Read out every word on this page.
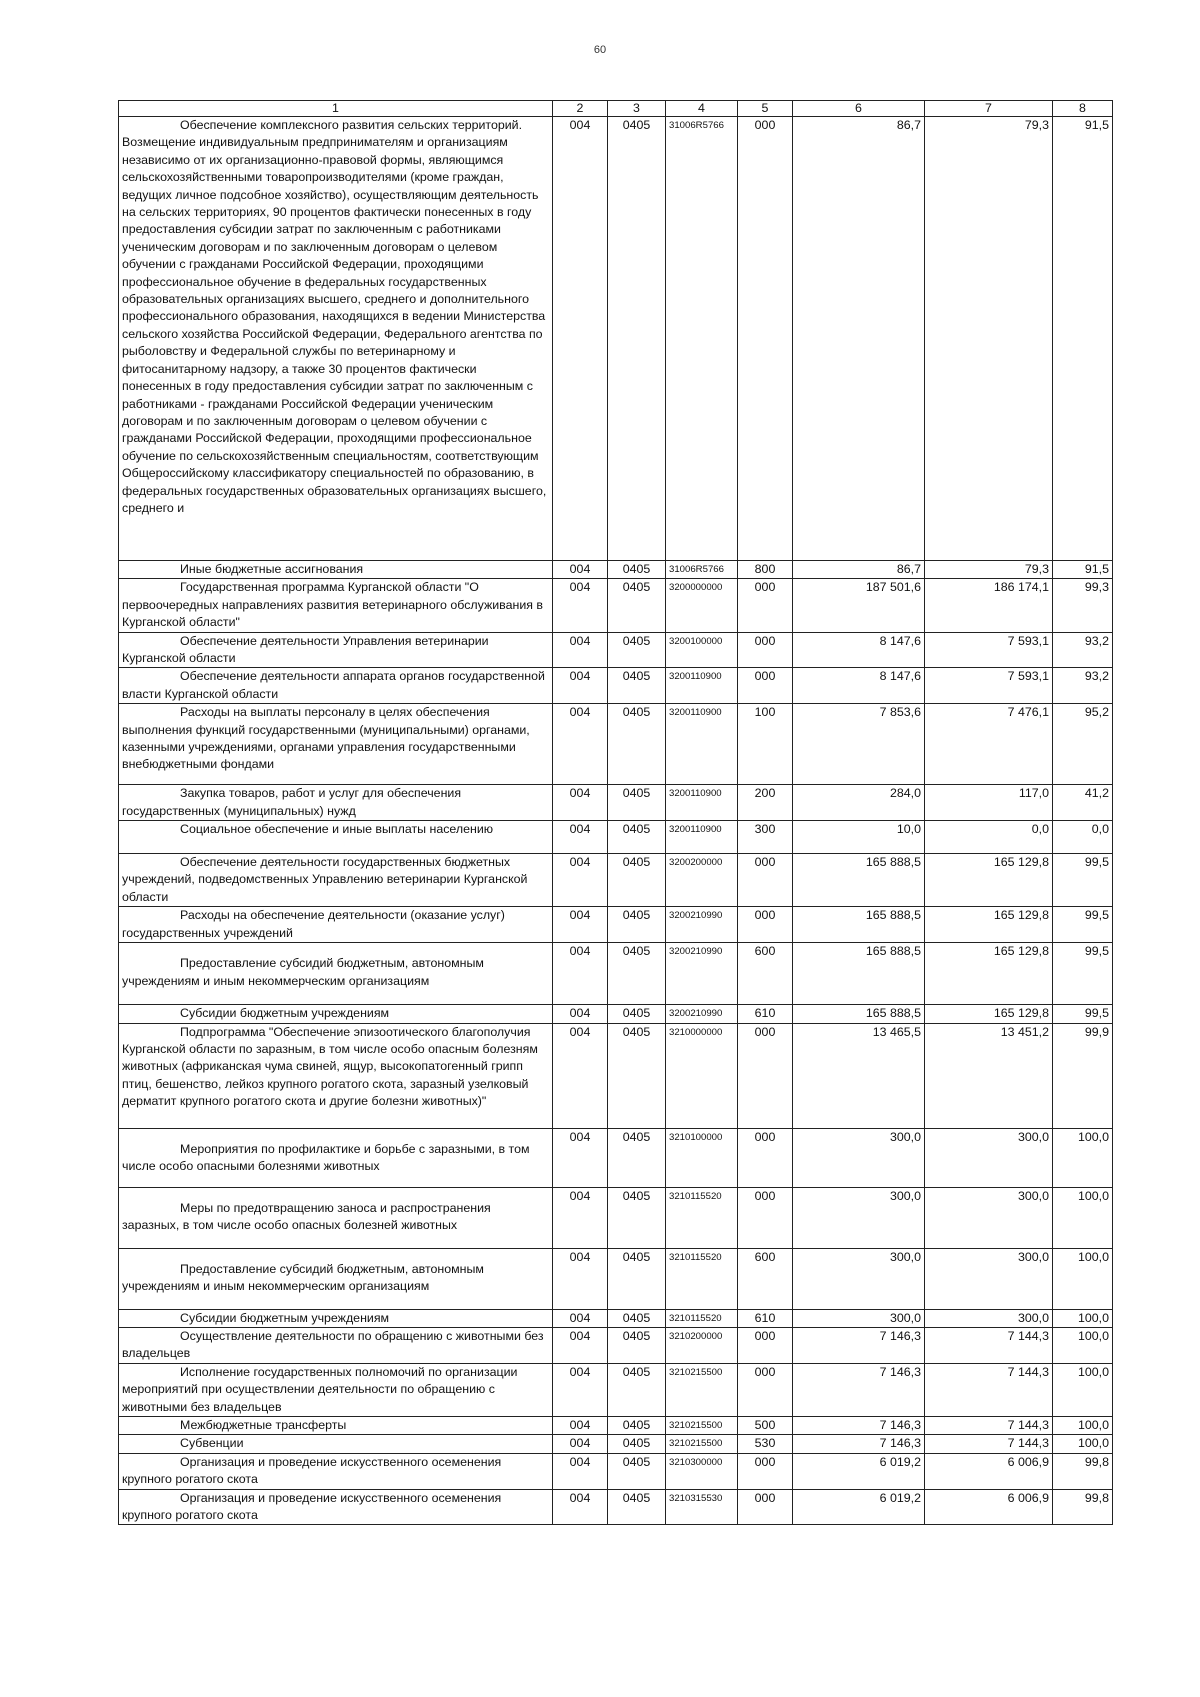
60
1	2	3	4	5	6	7	8
Обеспечение комплексного развития сельских территорий. Возмещение индивидуальным предпринимателям и организациям независимо от их организационно-правовой формы, являющимся сельскохозяйственными товаропроизводителями (кроме граждан, ведущих личное подсобное хозяйство), осуществляющим деятельность на сельских территориях, 90 процентов фактически понесенных в году предоставления субсидии затрат по заключенным с работниками ученическим договорам и по заключенным договорам о целевом обучении с гражданами Российской Федерации, проходящими профессиональное обучение в федеральных государственных образовательных организациях высшего, среднего и дополнительного профессионального образования, находящихся в ведении Министерства сельского хозяйства Российской Федерации, Федерального агентства по рыболовству и Федеральной службы по ветеринарному и фитосанитарному надзору, а также 30 процентов фактически понесенных в году предоставления субсидии затрат по заключенным с работниками - гражданами Российской Федерации ученическим договорам и по заключенным договорам о целевом обучении с гражданами Российской Федерации, проходящими профессиональное обучение по сельскохозяйственным специальностям, соответствующим Общероссийскому классификатору специальностей по образованию, в федеральных государственных образовательных организациях высшего, среднего и	004	0405	31006R5766	000	86,7	79,3	91,5
Иные бюджетные ассигнования	004	0405	31006R5766	800	86,7	79,3	91,5
Государственная программа Курганской области "О первоочередных направлениях развития ветеринарного обслуживания в Курганской области"	004	0405	3200000000	000	187 501,6	186 174,1	99,3
Обеспечение деятельности Управления ветеринарии Курганской области	004	0405	3200100000	000	8 147,6	7 593,1	93,2
Обеспечение деятельности аппарата органов государственной власти Курганской области	004	0405	3200110900	000	8 147,6	7 593,1	93,2
Расходы на выплаты персоналу в целях обеспечения выполнения функций государственными (муниципальными) органами, казенными учреждениями, органами управления государственными внебюджетными фондами	004	0405	3200110900	100	7 853,6	7 476,1	95,2
Закупка товаров, работ и услуг для обеспечения государственных (муниципальных) нужд	004	0405	3200110900	200	284,0	117,0	41,2
Социальное обеспечение и иные выплаты населению	004	0405	3200110900	300	10,0	0,0	0,0
Обеспечение деятельности государственных бюджетных учреждений, подведомственных Управлению ветеринарии Курганской области	004	0405	3200200000	000	165 888,5	165 129,8	99,5
Расходы на обеспечение деятельности (оказание услуг) государственных учреждений	004	0405	3200210990	000	165 888,5	165 129,8	99,5
Предоставление субсидий бюджетным, автономным учреждениям и иным некоммерческим организациям	004	0405	3200210990	600	165 888,5	165 129,8	99,5
Субсидии бюджетным учреждениям	004	0405	3200210990	610	165 888,5	165 129,8	99,5
Подпрограмма "Обеспечение эпизоотического благополучия Курганской области по заразным, в том числе особо опасным болезням животных (африканская чума свиней, ящур, высокопатогенный грипп птиц, бешенство, лейкоз крупного рогатого скота, заразный узелковый дерматит крупного рогатого скота и другие болезни животных)"	004	0405	3210000000	000	13 465,5	13 451,2	99,9
Мероприятия по профилактике и борьбе с заразными, в том числе особо опасными болезнями животных	004	0405	3210100000	000	300,0	300,0	100,0
Меры по предотвращению заноса и распространения заразных, в том числе особо опасных болезней животных	004	0405	3210115520	000	300,0	300,0	100,0
Предоставление субсидий бюджетным, автономным учреждениям и иным некоммерческим организациям	004	0405	3210115520	600	300,0	300,0	100,0
Субсидии бюджетным учреждениям	004	0405	3210115520	610	300,0	300,0	100,0
Осуществление деятельности по обращению с животными без владельцев	004	0405	3210200000	000	7 146,3	7 144,3	100,0
Исполнение государственных полномочий по организации мероприятий при осуществлении деятельности по обращению с животными без владельцев	004	0405	3210215500	000	7 146,3	7 144,3	100,0
Межбюджетные трансферты	004	0405	3210215500	500	7 146,3	7 144,3	100,0
Субвенции	004	0405	3210215500	530	7 146,3	7 144,3	100,0
Организация и проведение искусственного осеменения крупного рогатого скота	004	0405	3210300000	000	6 019,2	6 006,9	99,8
Организация и проведение искусственного осеменения крупного рогатого скота	004	0405	3210315530	000	6 019,2	6 006,9	99,8
